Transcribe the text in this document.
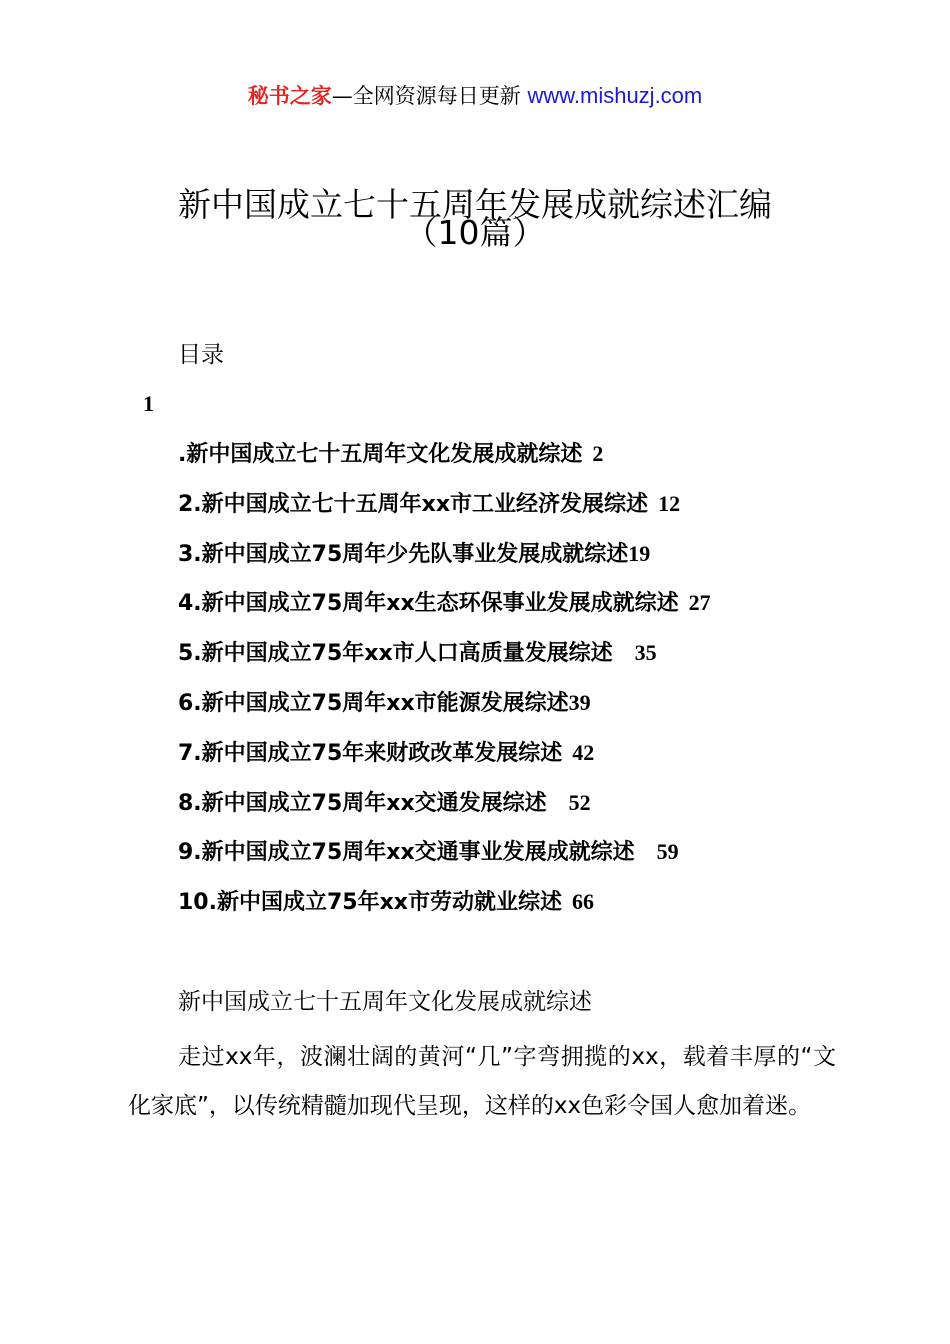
秘书之家—全网资源每日更新 www.mishuzj.com
新中国成立七十五周年发展成就综述汇编
（10篇）
目录
1
.新中国成立七十五周年文化发展成就综述 2
2.新中国成立七十五周年xx市工业经济发展综述 12
3.新中国成立75周年少先队事业发展成就综述19
4.新中国成立75周年xx生态环保事业发展成就综述 27
5.新中国成立75年xx市人口高质量发展综述 35
6.新中国成立75周年xx市能源发展综述39
7.新中国成立75年来财政改革发展综述 42
8.新中国成立75周年xx交通发展综述 52
9.新中国成立75周年xx交通事业发展成就综述 59
10.新中国成立75年xx市劳动就业综述 66
新中国成立七十五周年文化发展成就综述

走过xx年，波澜壮阔的黄河“几”字弯拥揽的xx，载着丰厚的“文化家底”，以传统精髓加现代呈现，这样的xx色彩令国人愈加着迷。
